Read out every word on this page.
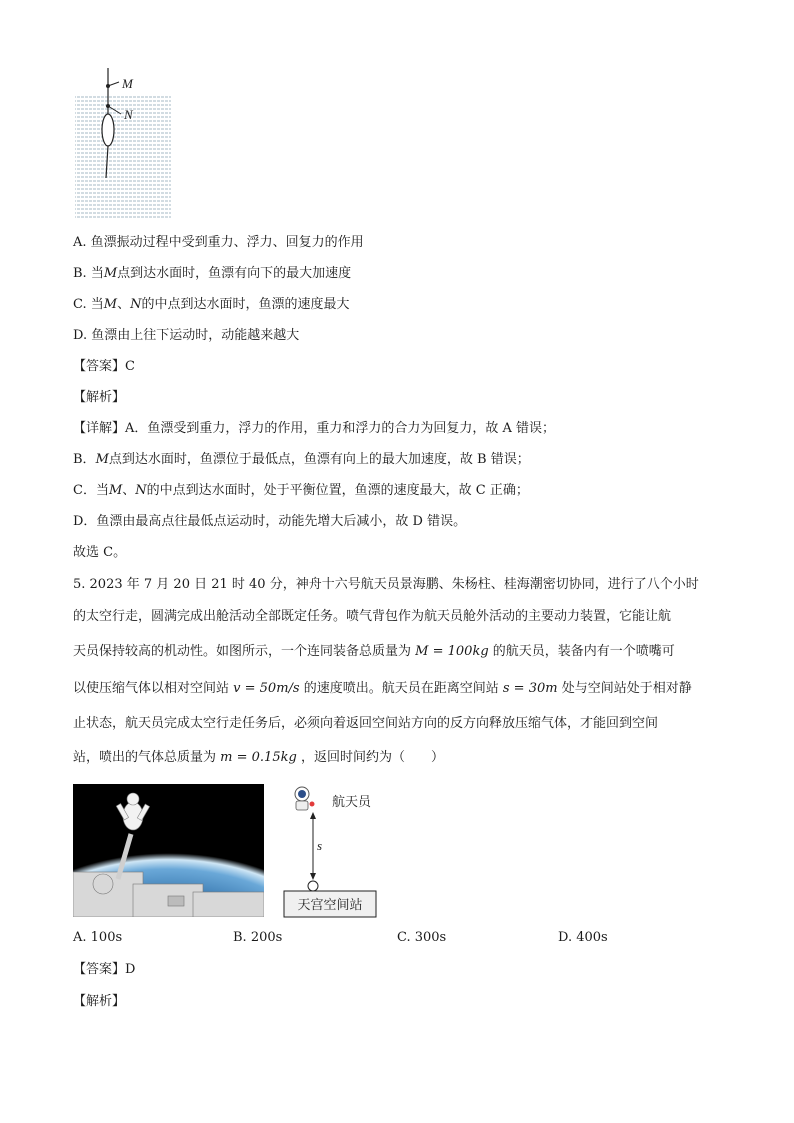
M
N
A. 鱼漂振动过程中受到重力、浮力、回复力的作用
B. 当M点到达水面时，鱼漂有向下的最大加速度
C. 当M、N的中点到达水面时，鱼漂的速度最大
D. 鱼漂由上往下运动时，动能越来越大
【答案】C
【解析】
【详解】A．鱼漂受到重力，浮力的作用，重力和浮力的合力为回复力，故 A 错误；
B．M点到达水面时，鱼漂位于最低点，鱼漂有向上的最大加速度，故 B 错误；
C．当M、N的中点到达水面时，处于平衡位置，鱼漂的速度最大，故 C 正确；
D．鱼漂由最高点往最低点运动时，动能先增大后减小，故 D 错误。
故选 C。
5. 2023 年 7 月 20 日 21 时 40 分，神舟十六号航天员景海鹏、朱杨柱、桂海潮密切协同，进行了八个小时
的太空行走，圆满完成出舱活动全部既定任务。喷气背包作为航天员舱外活动的主要动力装置，它能让航
天员保持较高的机动性。如图所示，一个连同装备总质量为 M = 100kg 的航天员，装备内有一个喷嘴可
以使压缩气体以相对空间站 v = 50m/s 的速度喷出。航天员在距离空间站 s = 30m 处与空间站处于相对静
止状态，航天员完成太空行走任务后，必须向着返回空间站方向的反方向释放压缩气体，才能回到空间
站，喷出的气体总质量为 m = 0.15kg ，返回时间约为（　　）
航天员
s
天宫空间站
A. 100s	B. 200s	C. 300s	D. 400s
【答案】D
【解析】
